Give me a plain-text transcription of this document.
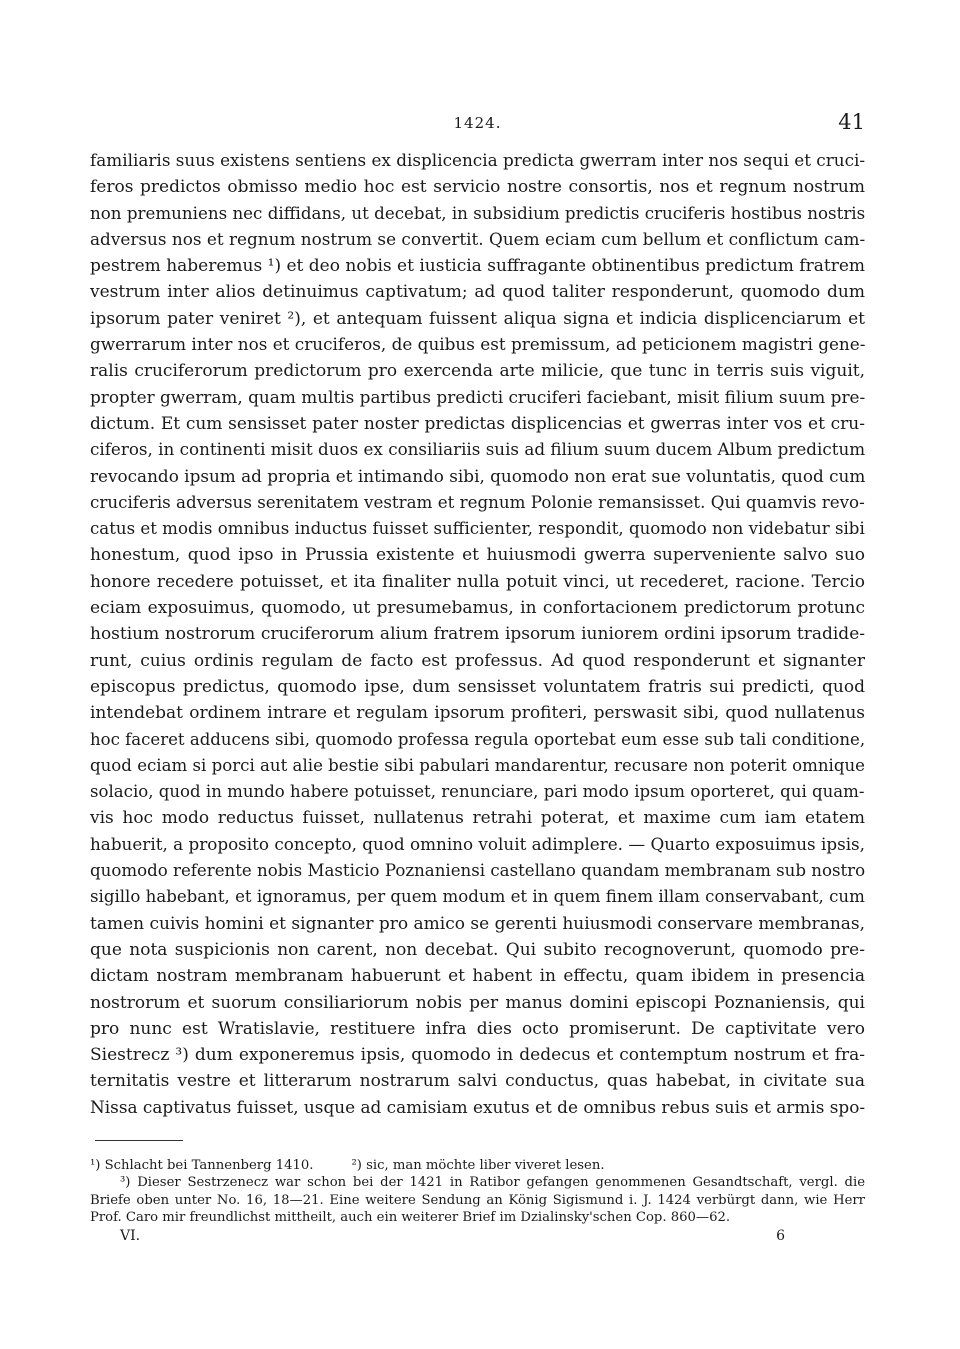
1424.	41
familiaris suus existens sentiens ex displicencia predicta gwerram inter nos sequi et cruci-
feros predictos obmisso medio hoc est servicio nostre consortis, nos et regnum nostrum
non premuniens nec diffidans, ut decebat, in subsidium predictis cruciferis hostibus nostris
adversus nos et regnum nostrum se convertit. Quem eciam cum bellum et conflictum cam-
pestrem haberemus ¹) et deo nobis et iusticia suffragante obtinentibus predictum fratrem
vestrum inter alios detinuimus captivatum; ad quod taliter responderunt, quomodo dum
ipsorum pater veniret ²), et antequam fuissent aliqua signa et indicia displicenciarum et
gwerrarum inter nos et cruciferos, de quibus est premissum, ad peticionem magistri gene-
ralis cruciferorum predictorum pro exercenda arte milicie, que tunc in terris suis viguit,
propter gwerram, quam multis partibus predicti cruciferi faciebant, misit filium suum pre-
dictum. Et cum sensisset pater noster predictas displicencias et gwerras inter vos et cru-
ciferos, in continenti misit duos ex consiliariis suis ad filium suum ducem Album predictum
revocando ipsum ad propria et intimando sibi, quomodo non erat sue voluntatis, quod cum
cruciferis adversus serenitatem vestram et regnum Polonie remansisset. Qui quamvis revo-
catus et modis omnibus inductus fuisset sufficienter, respondit, quomodo non videbatur sibi
honestum, quod ipso in Prussia existente et huiusmodi gwerra superveniente salvo suo
honore recedere potuisset, et ita finaliter nulla potuit vinci, ut recederet, racione. Tercio
eciam exposuimus, quomodo, ut presumebamus, in confortacionem predictorum protunc
hostium nostrorum cruciferorum alium fratrem ipsorum iuniorem ordini ipsorum tradide-
runt, cuius ordinis regulam de facto est professus. Ad quod responderunt et signanter
episcopus predictus, quomodo ipse, dum sensisset voluntatem fratris sui predicti, quod
intendebat ordinem intrare et regulam ipsorum profiteri, perswasit sibi, quod nullatenus
hoc faceret adducens sibi, quomodo professa regula oportebat eum esse sub tali conditione,
quod eciam si porci aut alie bestie sibi pabulari mandarentur, recusare non poterit omnique
solacio, quod in mundo habere potuisset, renunciare, pari modo ipsum oporteret, qui quam-
vis hoc modo reductus fuisset, nullatenus retrahi poterat, et maxime cum iam etatem
habuerit, a proposito concepto, quod omnino voluit adimplere. — Quarto exposuimus ipsis,
quomodo referente nobis Masticio Poznaniensi castellano quandam membranam sub nostro
sigillo habebant, et ignoramus, per quem modum et in quem finem illam conservabant, cum
tamen cuivis homini et signanter pro amico se gerenti huiusmodi conservare membranas,
que nota suspicionis non carent, non decebat. Qui subito recognoverunt, quomodo pre-
dictam nostram membranam habuerunt et habent in effectu, quam ibidem in presencia
nostrorum et suorum consiliariorum nobis per manus domini episcopi Poznaniensis, qui
pro nunc est Wratislavie, restituere infra dies octo promiserunt. De captivitate vero
Siestrecz ³) dum exponeremus ipsis, quomodo in dedecus et contemptum nostrum et fra-
ternitatis vestre et litterarum nostrarum salvi conductus, quas habebat, in civitate sua
Nissa captivatus fuisset, usque ad camisiam exutus et de omnibus rebus suis et armis spo-
¹) Schlacht bei Tannenberg 1410.	²) sic, man möchte liber viveret lesen.
³) Dieser Sestrzenecz war schon bei der 1421 in Ratibor gefangen genommenen Gesandtschaft, vergl. die
Briefe oben unter No. 16, 18—21. Eine weitere Sendung an König Sigismund i. J. 1424 verbürgt dann, wie Herr
Prof. Caro mir freundlichst mittheilt, auch ein weiterer Brief im Dzialinsky'schen Cop. 860—62.
VI.	6
